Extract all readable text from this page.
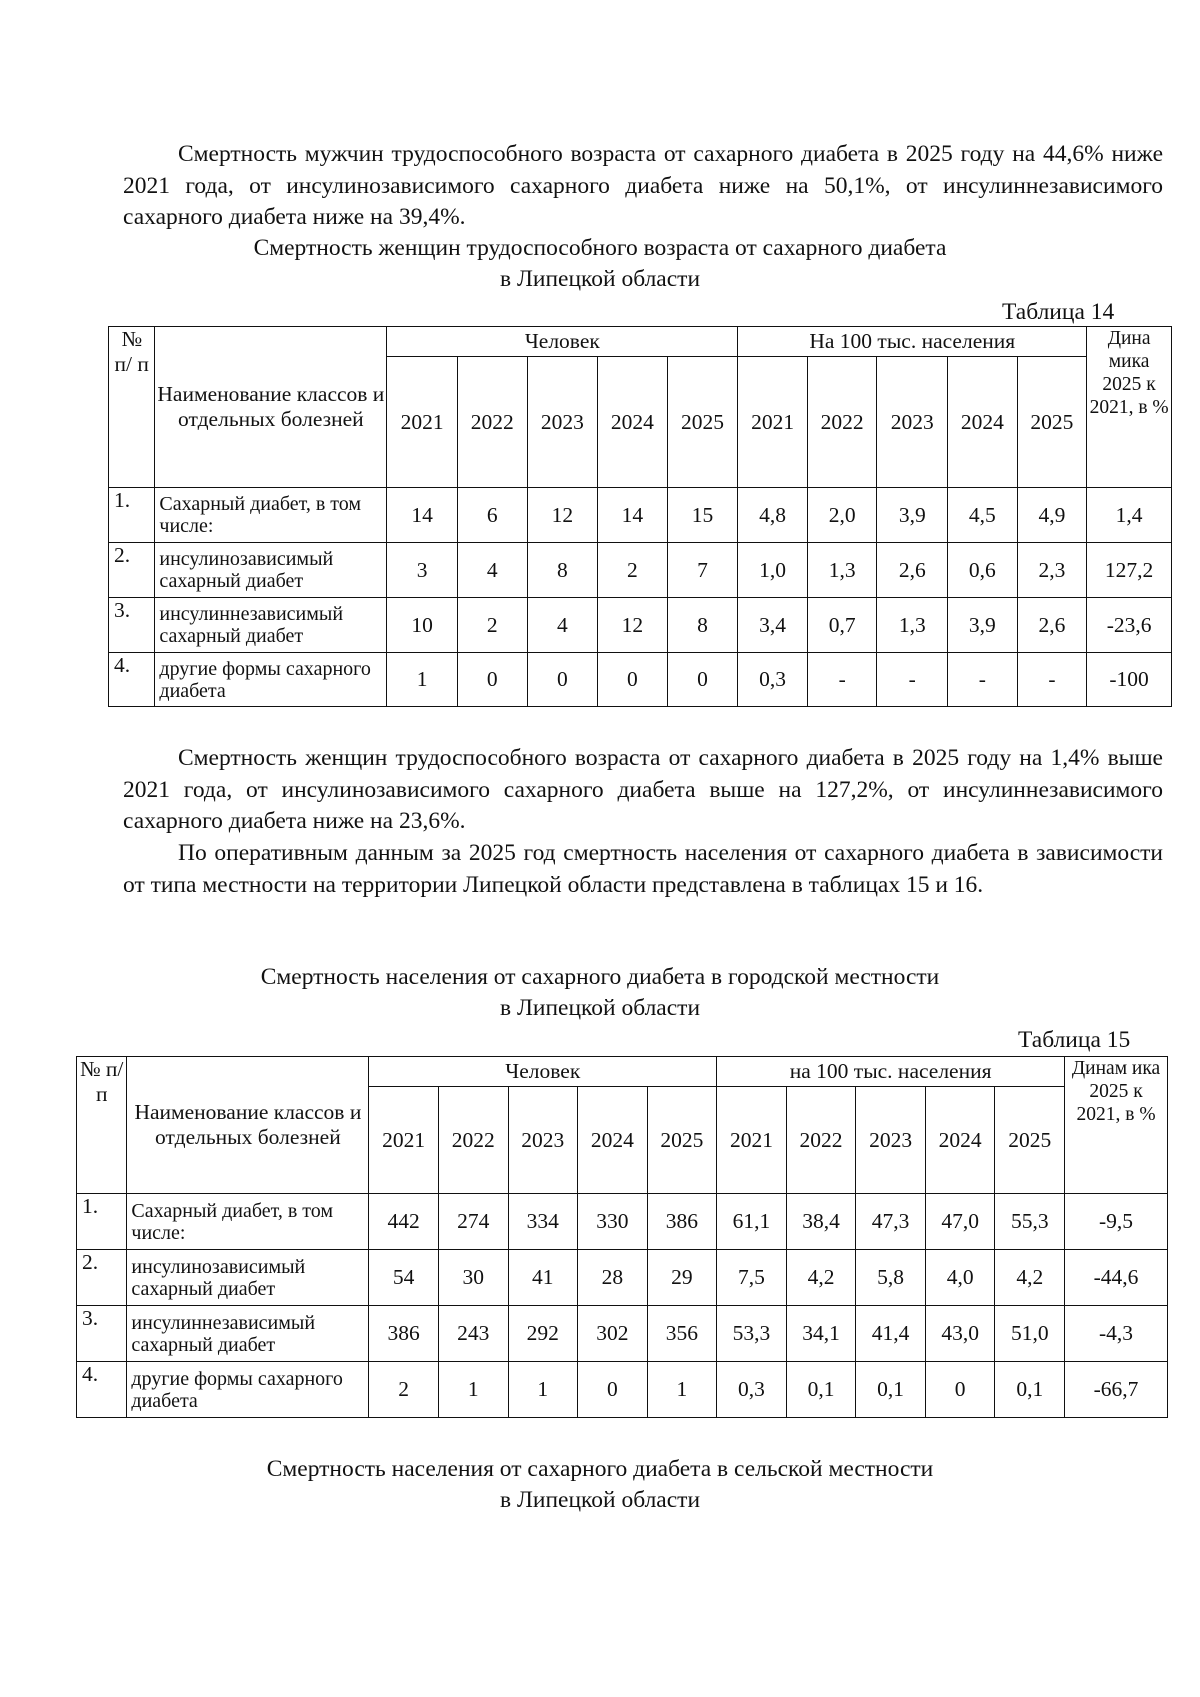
Смертность мужчин трудоспособного возраста от сахарного диабета в 2025 году на 44,6% ниже 2021 года, от инсулинозависимого сахарного диабета ниже на 50,1%, от инсулиннезависимого сахарного диабета ниже на 39,4%.

Смертность женщин трудоспособного возраста от сахарного диабета
в Липецкой области
Таблица 14
№ п/ п	Наименование классов и отдельных болезней	Человек					На 100 тыс. населения					Дина мика 2025 к 2021, в %
		2021	2022	2023	2024	2025	2021	2022	2023	2024	2025	
1.	Сахарный диабет, в том числе:	14	6	12	14	15	4,8	2,0	3,9	4,5	4,9	1,4
2.	инсулинозависимый сахарный диабет	3	4	8	2	7	1,0	1,3	2,6	0,6	2,3	127,2
3.	инсулиннезависимый сахарный диабет	10	2	4	12	8	3,4	0,7	1,3	3,9	2,6	-23,6
4.	другие формы сахарного диабета	1	0	0	0	0	0,3	-	-	-	-	-100

Смертность женщин трудоспособного возраста от сахарного диабета в 2025 году на 1,4% выше 2021 года, от инсулинозависимого сахарного диабета выше на 127,2%, от инсулиннезависимого сахарного диабета ниже на 23,6%.

По оперативным данным за 2025 год смертность населения от сахарного диабета в зависимости от типа местности на территории Липецкой области представлена в таблицах 15 и 16.

Смертность населения от сахарного диабета в городской местности
в Липецкой области
Таблица 15
№ п/ п	Наименование классов и отдельных болезней	Человек					на 100 тыс. населения					Динам ика 2025 к 2021, в %
		2021	2022	2023	2024	2025	2021	2022	2023	2024	2025	
1.	Сахарный диабет, в том числе:	442	274	334	330	386	61,1	38,4	47,3	47,0	55,3	-9,5
2.	инсулинозависимый сахарный диабет	54	30	41	28	29	7,5	4,2	5,8	4,0	4,2	-44,6
3.	инсулиннезависимый сахарный диабет	386	243	292	302	356	53,3	34,1	41,4	43,0	51,0	-4,3
4.	другие формы сахарного диабета	2	1	1	0	1	0,3	0,1	0,1	0	0,1	-66,7
Смертность населения от сахарного диабета в сельской местности
в Липецкой области
